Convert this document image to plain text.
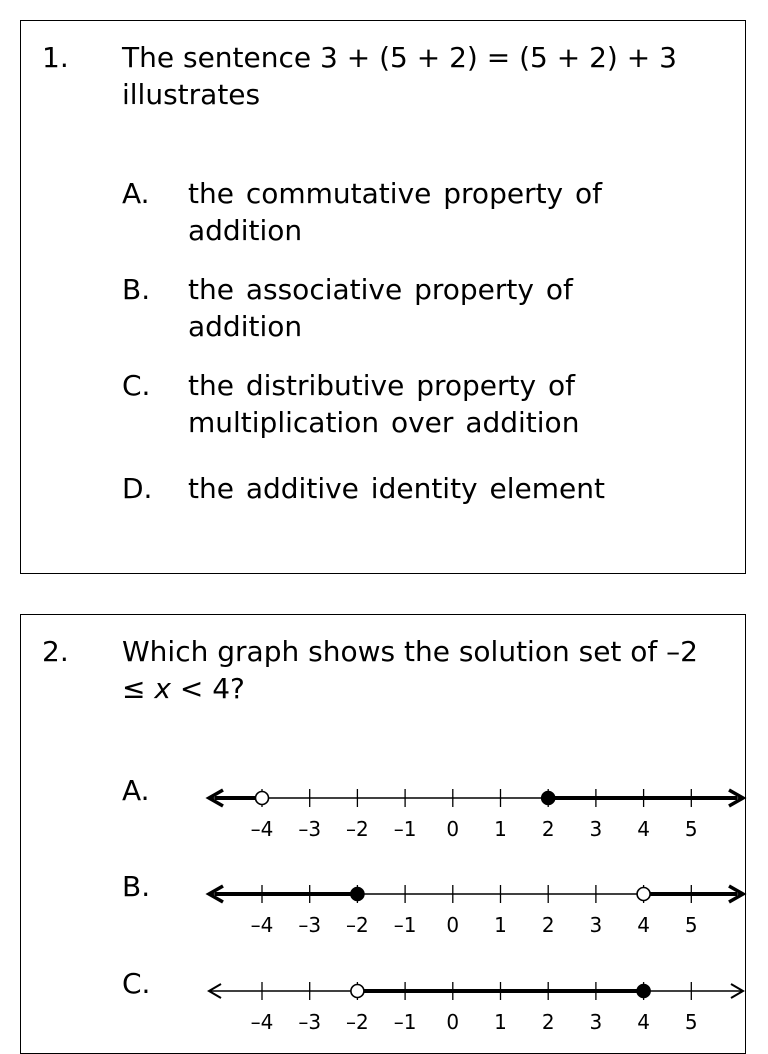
1. The sentence 3 + (5 + 2) = (5 + 2) + 3 illustrates
A. the commutative property of addition
B. the associative property of addition
C. the distributive property of multiplication over addition
D. the additive identity element
2. Which graph shows the solution set of –2 ≤ x < 4?
A.
–4 –3 –2 –1 0 1 2 3 4 5
B.
–4 –3 –2 –1 0 1 2 3 4 5
C.
–4 –3 –2 –1 0 1 2 3 4 5
